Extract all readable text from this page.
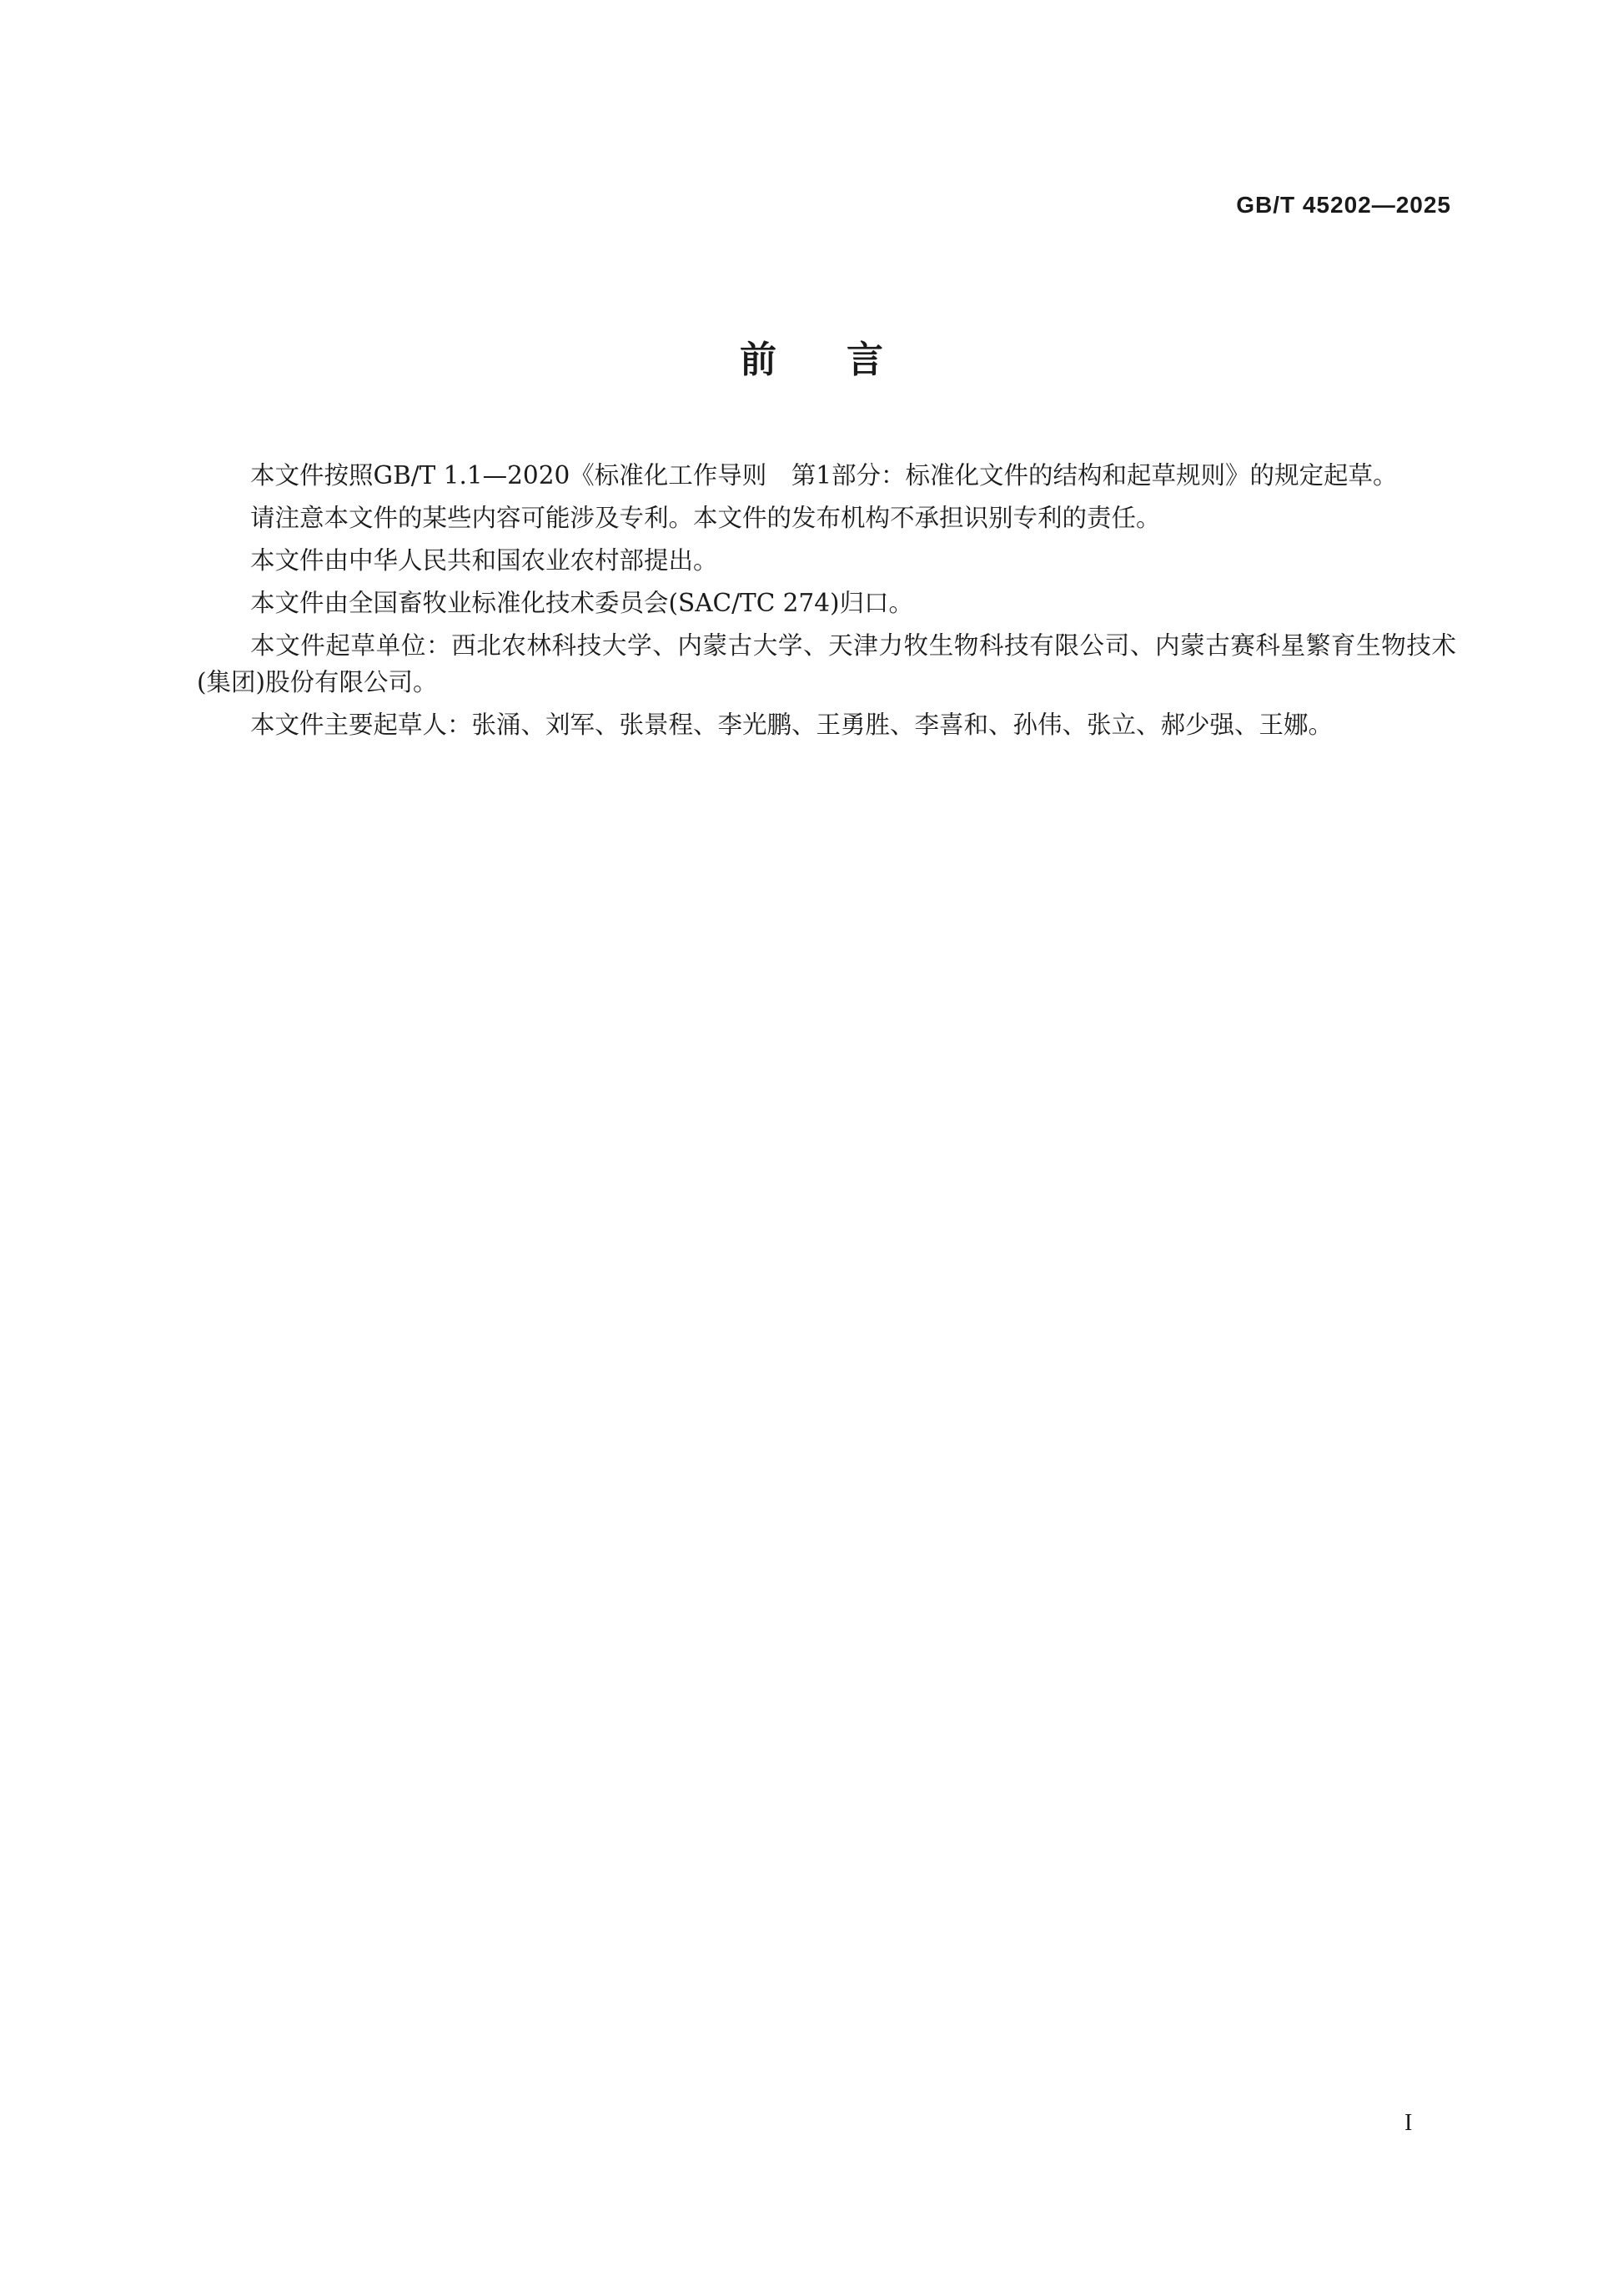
GB/T 45202—2025
前言

本文件按照GB/T 1.1—2020《标准化工作导则　第1部分：标准化文件的结构和起草规则》的规定起草。

请注意本文件的某些内容可能涉及专利。本文件的发布机构不承担识别专利的责任。

本文件由中华人民共和国农业农村部提出。

本文件由全国畜牧业标准化技术委员会(SAC/TC 274)归口。

本文件起草单位：西北农林科技大学、内蒙古大学、天津力牧生物科技有限公司、内蒙古赛科星繁育生物技术(集团)股份有限公司。

本文件主要起草人：张涌、刘军、张景程、李光鹏、王勇胜、李喜和、孙伟、张立、郝少强、王娜。

I
